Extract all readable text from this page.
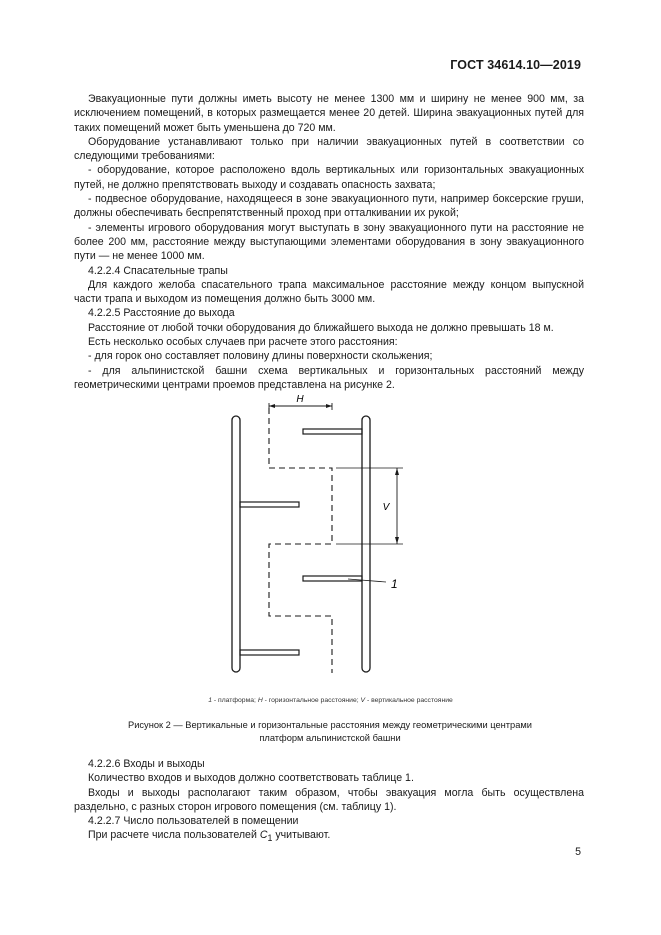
ГОСТ 34614.10—2019

Эвакуационные пути должны иметь высоту не менее 1300 мм и ширину не менее 900 мм, за исключением помещений, в которых размещается менее 20 детей. Ширина эвакуационных путей для таких помещений может быть уменьшена до 720 мм.

Оборудование устанавливают только при наличии эвакуационных путей в соответствии со следующими требованиями:

- оборудование, которое расположено вдоль вертикальных или горизонтальных эвакуационных путей, не должно препятствовать выходу и создавать опасность захвата;

- подвесное оборудование, находящееся в зоне эвакуационного пути, например боксерские груши, должны обеспечивать беспрепятственный проход при отталкивании их рукой;

- элементы игрового оборудования могут выступать в зону эвакуационного пути на расстояние не более 200 мм, расстояние между выступающими элементами оборудования в зону эвакуационного пути — не менее 1000 мм.

4.2.2.4 Спасательные трапы

Для каждого желоба спасательного трапа максимальное расстояние между концом выпускной части трапа и выходом из помещения должно быть 3000 мм.

4.2.2.5 Расстояние до выхода

Расстояние от любой точки оборудования до ближайшего выхода не должно превышать 18 м.

Есть несколько особых случаев при расчете этого расстояния:

- для горок оно составляет половину длины поверхности скольжения;

- для альпинистской башни схема вертикальных и горизонтальных расстояний между геометрическими центрами проемов представлена на рисунке 2.

H
V
1
1 - платформа; H - горизонтальное расстояние; V - вертикальное расстояние
Рисунок 2 — Вертикальные и горизонтальные расстояния между геометрическими центрами
платформ альпинистской башни

4.2.2.6 Входы и выходы

Количество входов и выходов должно соответствовать таблице 1.

Входы и выходы располагают таким образом, чтобы эвакуация могла быть осуществлена раздельно, с разных сторон игрового помещения (см. таблицу 1).

4.2.2.7 Число пользователей в помещении

При расчете числа пользователей $C_1$ учитывают.

5
